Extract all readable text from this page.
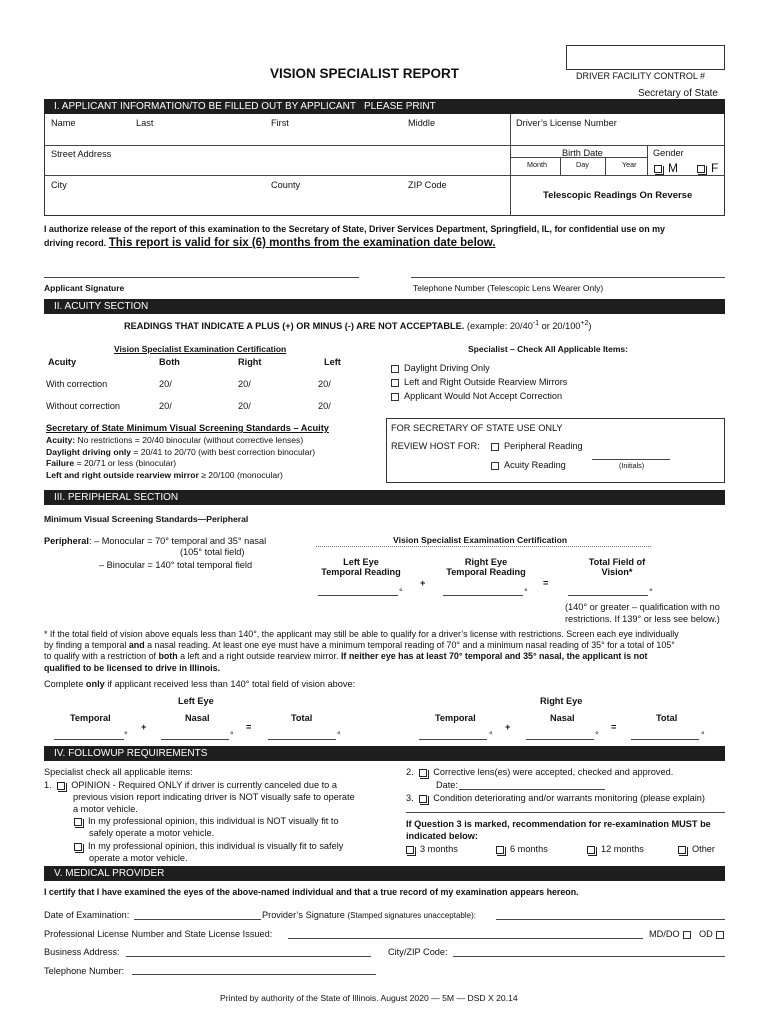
VISION SPECIALIST REPORT	DRIVER FACILITY CONTROL #
Secretary of State
I. APPLICANT INFORMATION/TO BE FILLED OUT BY APPLICANT PLEASE PRINT
Name	Last	First	Middle	Driver’s License Number
Street Address	Birth Date
Month	Day	Year
Gender
M	F
City	County	ZIP Code
Telescopic Readings On Reverse
I authorize release of the report of this examination to the Secretary of State, Driver Services Department, Springfield, IL, for confidential use on my
driving record. This report is valid for six (6) months from the examination date below.
Applicant Signature	Telephone Number (Telescopic Lens Wearer Only)
II. ACUITY SECTION
READINGS THAT INDICATE A PLUS (+) OR MINUS (-) ARE NOT ACCEPTABLE. (example: $20/40^{-1}$ or $20/100^{+2}$)
Vision Specialist Examination Certification
Acuity	Both	Right	Left
With correction	20/	20/	20/
Without correction	20/	20/	20/
Specialist – Check All Applicable Items:
Daylight Driving Only
Left and Right Outside Rearview Mirrors
Applicant Would Not Accept Correction
Secretary of State Minimum Visual Screening Standards – Acuity
Acuity: No restrictions = 20/40 binocular (without corrective lenses)
Daylight driving only = 20/41 to 20/70 (with best correction binocular)
Failure = 20/71 or less (binocular)
Left and right outside rearview mirror ≥ 20/100 (monocular)
FOR SECRETARY OF STATE USE ONLY
REVIEW HOST FOR:	Peripheral Reading
Acuity Reading	(Initials)
III. PERIPHERAL SECTION
Minimum Visual Screening Standards—Peripheral
Peripheral: – Monocular = 70° temporal and 35° nasal
(105° total field)
– Binocular = 140° total temporal field
Vision Specialist Examination Certification
Left Eye
Temporal Reading
Right Eye
Temporal Reading
Total Field of
Vision*
+	=
°	°	°
(140° or greater – qualification with no
restrictions. If 139° or less see below.)
* If the total field of vision above equals less than 140°, the applicant may still be able to qualify for a driver’s license with restrictions. Screen each eye individually
by finding a temporal and a nasal reading. At least one eye must have a minimum temporal reading of 70° and a minimum nasal reading of 35° for a total of 105°
to qualify with a restriction of both a left and a right outside rearview mirror. If neither eye has at least 70° temporal and 35° nasal, the applicant is not
qualified to be licensed to drive in Illinois.
Complete only if applicant received less than 140° total field of vision above:
Left Eye	Right Eye
Temporal	Nasal	Total	Temporal	Nasal	Total
+	=	+	=
°	°	°	°	°	°
IV. FOLLOWUP REQUIREMENTS
Specialist check all applicable items:
1. OPINION - Required ONLY if driver is currently canceled due to a
previous vision report indicating driver is NOT visually safe to operate
a motor vehicle.
In my professional opinion, this individual is NOT visually fit to
safely operate a motor vehicle.
In my professional opinion, this individual is visually fit to safely
operate a motor vehicle.
2. Corrective lens(es) were accepted, checked and approved.
Date:
3. Condition deteriorating and/or warrants monitoring (please explain)
If Question 3 is marked, recommendation for re-examination MUST be
indicated below:
3 months	6 months	12 months	Other
V. MEDICAL PROVIDER
I certify that I have examined the eyes of the above-named individual and that a true record of my examination appears hereon.
Date of Examination:	Provider’s Signature (Stamped signatures unacceptable):
Professional License Number and State License Issued:	MD/DO	OD
Business Address:	City/ZIP Code:
Telephone Number:
Printed by authority of the State of Illinois. August 2020 — 5M — DSD X 20.14
